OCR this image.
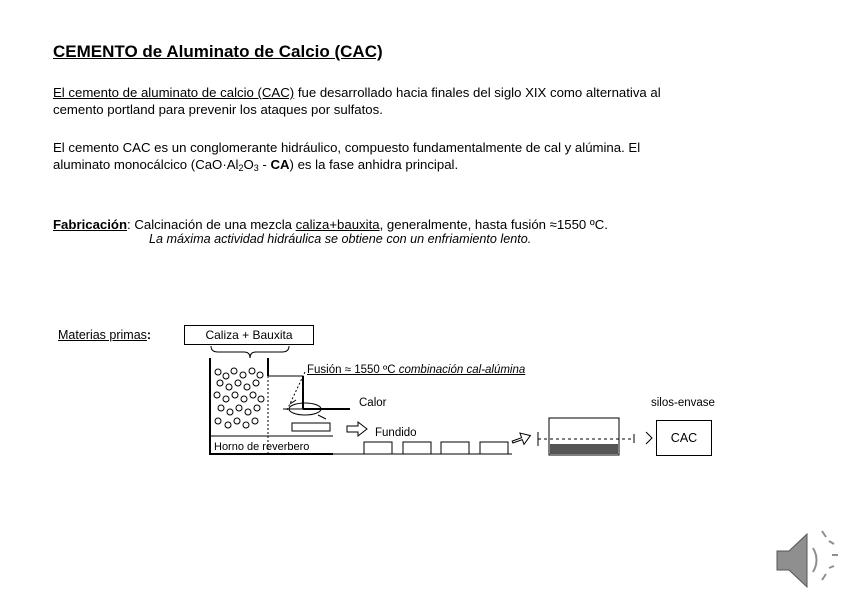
CEMENTO de Aluminato de Calcio (CAC)
El cemento de aluminato de calcio (CAC) fue desarrollado hacia finales del siglo XIX como alternativa al
cemento portland para prevenir los ataques por sulfatos.
El cemento CAC es un conglomerante hidráulico, compuesto fundamentalmente de cal y alúmina. El
aluminato monocálcico $(CaO\cdot Al_2O_3 - CA)$ es la fase anhidra principal.
Fabricación: Calcinación de una mezcla caliza+bauxita, generalmente, hasta fusión ≈1550 ºC.
La máxima actividad hidráulica se obtiene con un enfriamiento lento.
Materias primas:	Caliza + Bauxita
Fusión ≈ 1550 ºC combinación cal-alúmina
Calor
Fundido
Horno de reverbero
silos-envase
CAC
